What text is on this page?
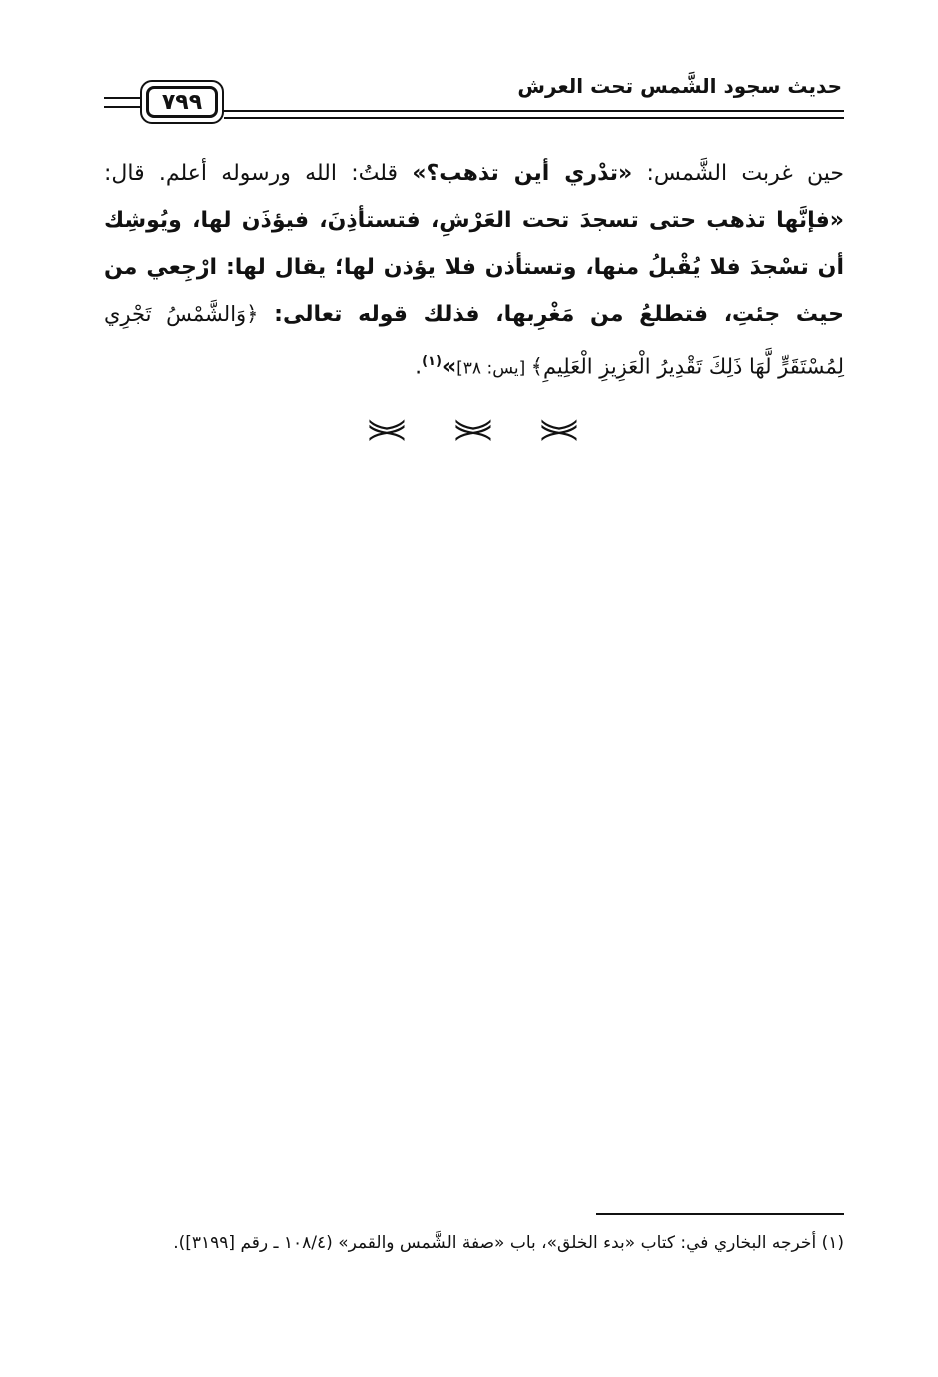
حديث سجود الشَّمس تحت العرش
٧٩٩
حين غربت الشَّمس: «تدْري أين تذهب؟» قلتُ: الله ورسوله أعلم. قال: «فإنَّها تذهب حتى تسجدَ تحت العَرْشِ، فتستأذِنَ، فيؤذَن لها، ويُوشِك أن تسْجدَ فلا يُقْبلُ منها، وتستأذن فلا يؤذن لها؛ يقال لها: ارْجِعي من حيث جئتِ، فتطلعُ من مَغْرِبها، فذلك قوله تعالى: ﴿وَالشَّمْسُ تَجْرِي لِمُسْتَقَرٍّ لَّهَا ذَلِكَ تَقْدِيرُ الْعَزِيزِ الْعَلِيمِ﴾ [يس: ٣٨]»$^{(١)}$.
⋟⋞ ⋟⋞ ⋟⋞
(١) أخرجه البخاري في: كتاب «بدء الخلق»، باب «صفة الشَّمس والقمر» (١٠٨/٤ ـ رقم [٣١٩٩]).
